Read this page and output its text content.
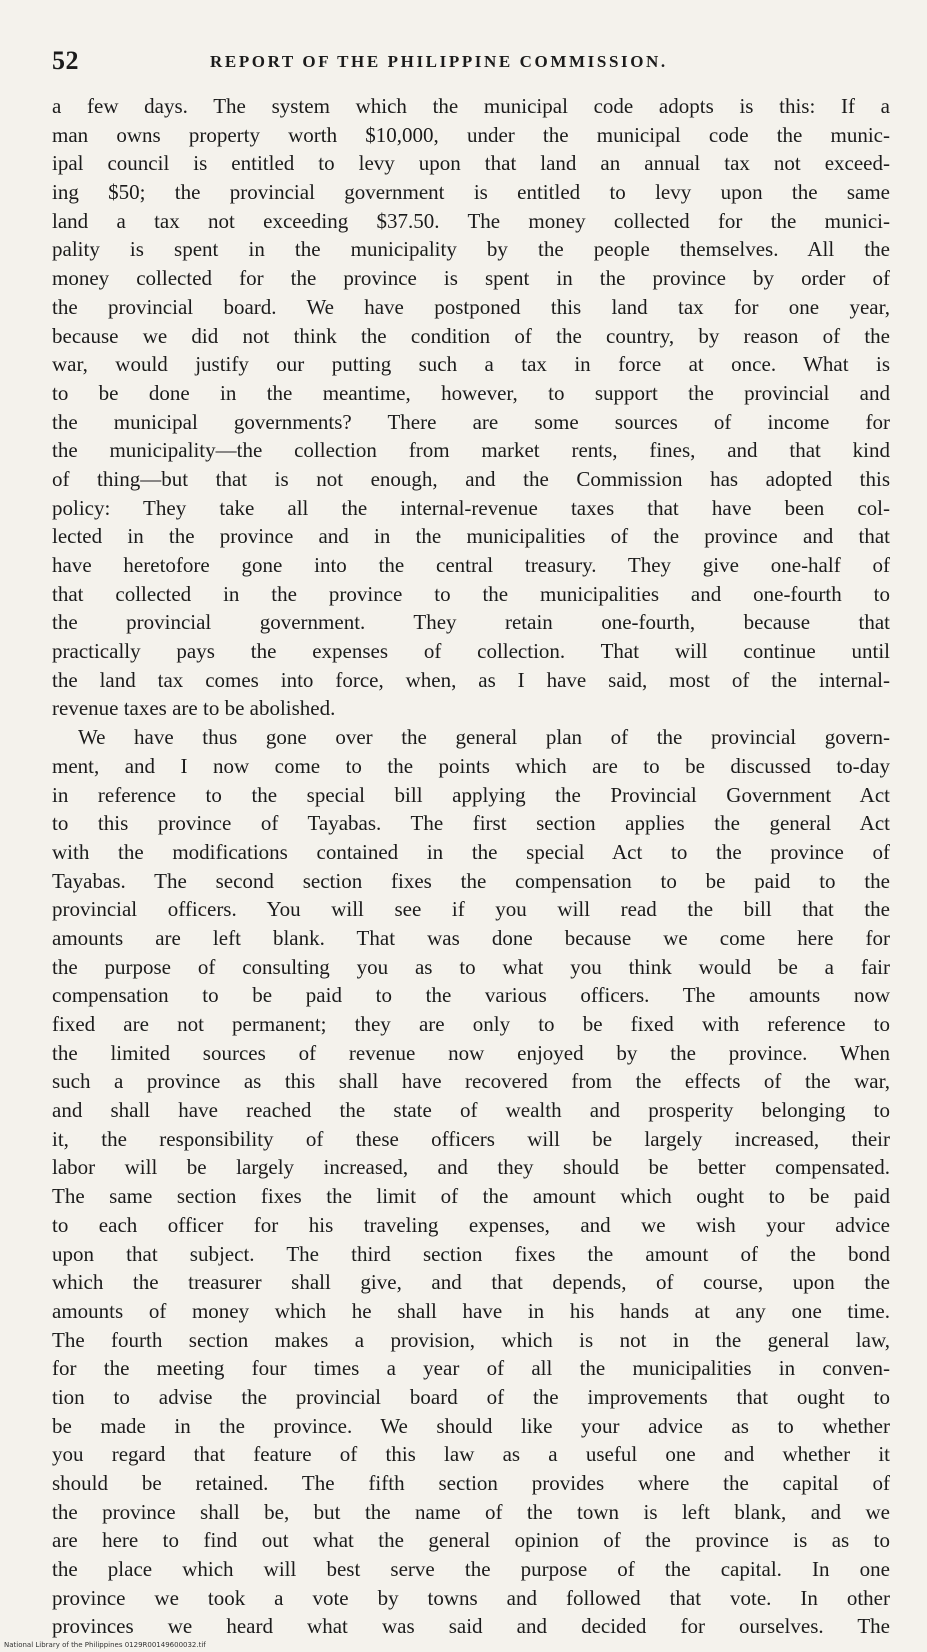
52	REPORT OF THE PHILIPPINE COMMISSION.
a few days. The system which the municipal code adopts is this: If a
man owns property worth $10,000, under the municipal code the munic-
ipal council is entitled to levy upon that land an annual tax not exceed-
ing $50; the provincial government is entitled to levy upon the same
land a tax not exceeding $37.50. The money collected for the munici-
pality is spent in the municipality by the people themselves. All the
money collected for the province is spent in the province by order of
the provincial board. We have postponed this land tax for one year,
because we did not think the condition of the country, by reason of the
war, would justify our putting such a tax in force at once. What is
to be done in the meantime, however, to support the provincial and
the municipal governments? There are some sources of income for
the municipality—the collection from market rents, fines, and that kind
of thing—but that is not enough, and the Commission has adopted this
policy: They take all the internal-revenue taxes that have been col-
lected in the province and in the municipalities of the province and that
have heretofore gone into the central treasury. They give one-half of
that collected in the province to the municipalities and one-fourth to
the provincial government. They retain one-fourth, because that
practically pays the expenses of collection. That will continue until
the land tax comes into force, when, as I have said, most of the internal-
revenue taxes are to be abolished.
We have thus gone over the general plan of the provincial govern-
ment, and I now come to the points which are to be discussed to-day
in reference to the special bill applying the Provincial Government Act
to this province of Tayabas. The first section applies the general Act
with the modifications contained in the special Act to the province of
Tayabas. The second section fixes the compensation to be paid to the
provincial officers. You will see if you will read the bill that the
amounts are left blank. That was done because we come here for
the purpose of consulting you as to what you think would be a fair
compensation to be paid to the various officers. The amounts now
fixed are not permanent; they are only to be fixed with reference to
the limited sources of revenue now enjoyed by the province. When
such a province as this shall have recovered from the effects of the war,
and shall have reached the state of wealth and prosperity belonging to
it, the responsibility of these officers will be largely increased, their
labor will be largely increased, and they should be better compensated.
The same section fixes the limit of the amount which ought to be paid
to each officer for his traveling expenses, and we wish your advice
upon that subject. The third section fixes the amount of the bond
which the treasurer shall give, and that depends, of course, upon the
amounts of money which he shall have in his hands at any one time.
The fourth section makes a provision, which is not in the general law,
for the meeting four times a year of all the municipalities in conven-
tion to advise the provincial board of the improvements that ought to
be made in the province. We should like your advice as to whether
you regard that feature of this law as a useful one and whether it
should be retained. The fifth section provides where the capital of
the province shall be, but the name of the town is left blank, and we
are here to find out what the general opinion of the province is as to
the place which will best serve the purpose of the capital. In one
province we took a vote by towns and followed that vote. In other
provinces we heard what was said and decided for ourselves. The
National Library of the Philippines 0129R00149600032.tif
